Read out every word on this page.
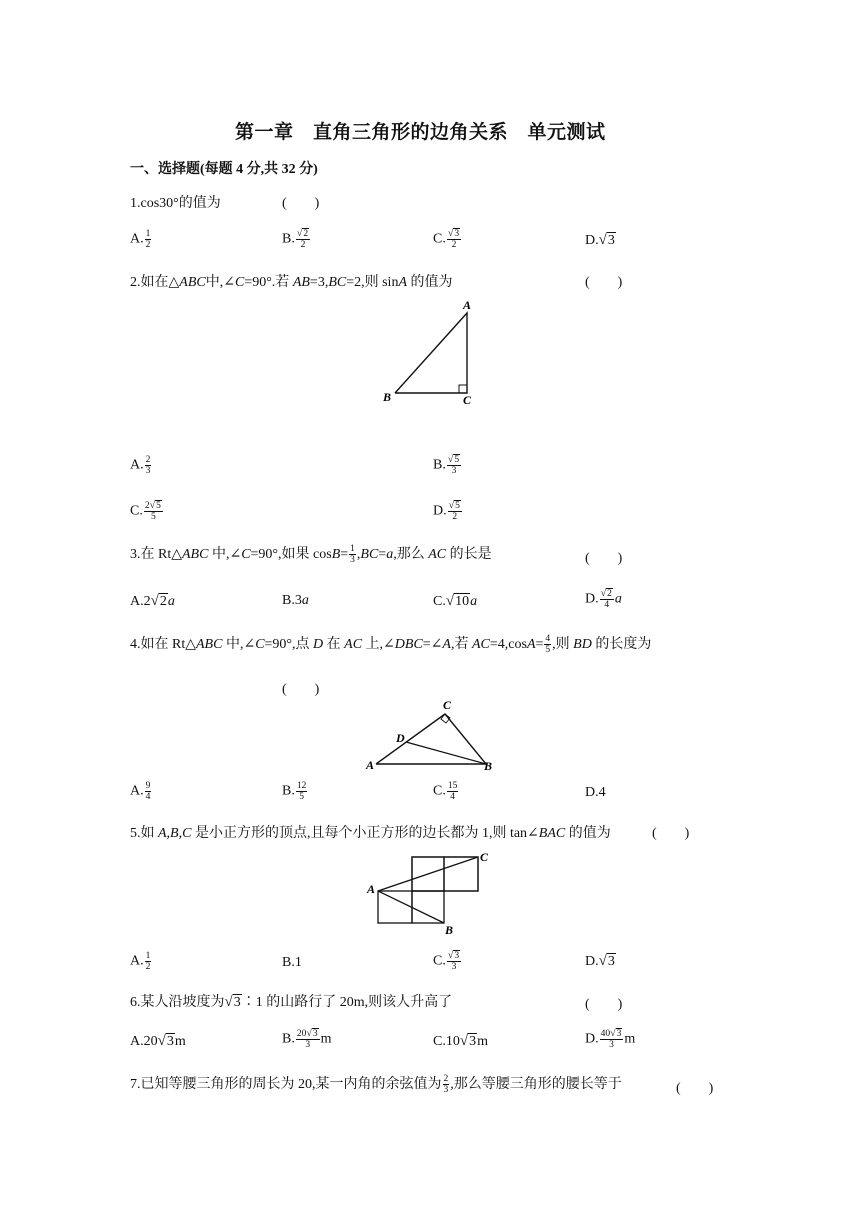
第一章　直角三角形的边角关系　单元测试
一、选择题(每题 4 分,共 32 分)
1.cos30°的值为	(　　)
A. $\frac{1}{2}$	B. $\frac{√2}{2}$	C. $\frac{√3}{2}$	D.√3
2.如在△ABC中,∠C=90°.若 AB=3,BC=2,则 sinA 的值为	(　　)
A
B	C
A. $\frac{2}{3}$	B. $\frac{√5}{3}$
C. $\frac{2√5}{5}$	D. $\frac{√5}{2}$
3.在 Rt△ABC 中,∠C=90°,如果 $\cos B= \frac{1}{3} ,BC=a$,那么 AC 的长是	(　　)
A.2√2a	B.3a	C.√10a	D. $\frac{√2}{4}$ a
4.如在 Rt△ABC 中,∠C=90°,点 D 在 AC 上,∠DBC=∠A,若 $AC=4,\cos A= \frac{4}{5}$ ,则 BD 的长度为
(　　)
C
D
A	B
A. $\frac{9}{4}$	B. $\frac{12}{5}$	C. $\frac{15}{4}$	D.4
5.如 A,B,C 是小正方形的顶点,且每个小正方形的边长都为 1,则 tan∠BAC 的值为	(　　)
A
B
C
A. $\frac{1}{2}$	B.1	C. $\frac{√3}{3}$	D.√3
6.某人沿坡度为√3∶1 的山路行了 20m,则该人升高了	(　　)
A.20√3m	B. $\frac{20√3}{3}$ m	C.10√3m	D. $\frac{40√3}{3}$ m
7.已知等腰三角形的周长为 20,某一内角的余弦值为 $\frac{2}{3}$ ,那么等腰三角形的腰长等于	(　　)
